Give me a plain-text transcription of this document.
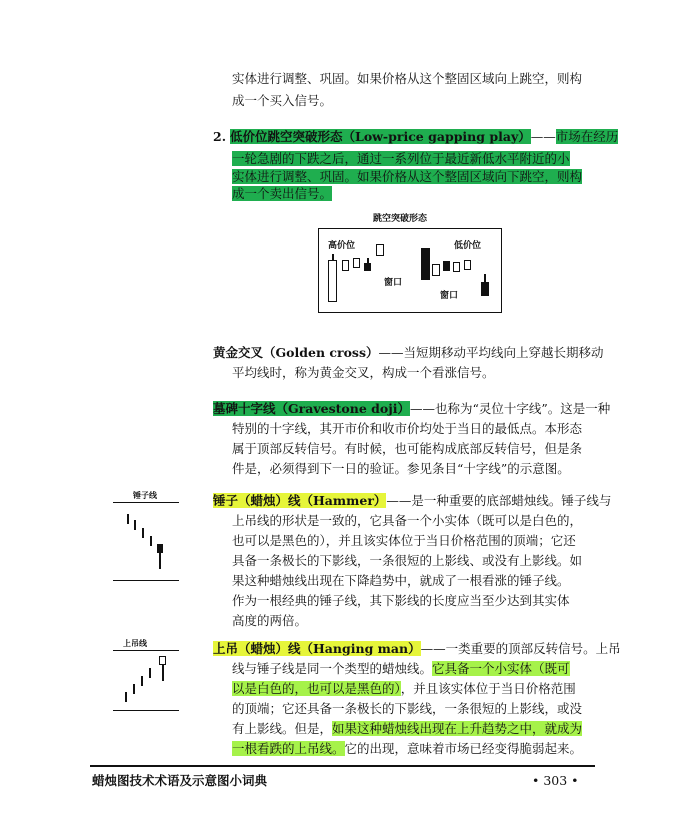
实体进行调整、巩固。如果价格从这个整固区域向上跳空，则构
成一个买入信号。
2. 低价位跳空突破形态（Low-price gapping play）——市场在经历
一轮急剧的下跌之后，通过一系列位于最近新低水平附近的小
实体进行调整、巩固。如果价格从这个整固区域向下跳空，则构
成一个卖出信号。
跳空突破形态
高价位	低价位
窗口
窗口
黄金交叉（Golden cross）——当短期移动平均线向上穿越长期移动
平均线时，称为黄金交叉，构成一个看涨信号。
墓碑十字线（Gravestone doji）——也称为“灵位十字线”。这是一种
特别的十字线，其开市价和收市价均处于当日的最低点。本形态
属于顶部反转信号。有时候，也可能构成底部反转信号，但是条
件是，必须得到下一日的验证。参见条目“十字线”的示意图。
锤子线	锤子（蜡烛）线（Hammer）——是一种重要的底部蜡烛线。锤子线与
上吊线的形状是一致的，它具备一个小实体（既可以是白色的，
也可以是黑色的），并且该实体位于当日价格范围的顶端；它还
具备一条极长的下影线，一条很短的上影线、或没有上影线。如
果这种蜡烛线出现在下降趋势中，就成了一根看涨的锤子线。
作为一根经典的锤子线，其下影线的长度应当至少达到其实体
高度的两倍。
上吊线	上吊（蜡烛）线（Hanging man）——一类重要的顶部反转信号。上吊
线与锤子线是同一个类型的蜡烛线。它具备一个小实体（既可
以是白色的，也可以是黑色的），并且该实体位于当日价格范围
的顶端；它还具备一条极长的下影线，一条很短的上影线，或没
有上影线。但是，如果这种蜡烛线出现在上升趋势之中，就成为
一根看跌的上吊线。它的出现，意味着市场已经变得脆弱起来。
蜡烛图技术术语及示意图小词典	• 303 •
